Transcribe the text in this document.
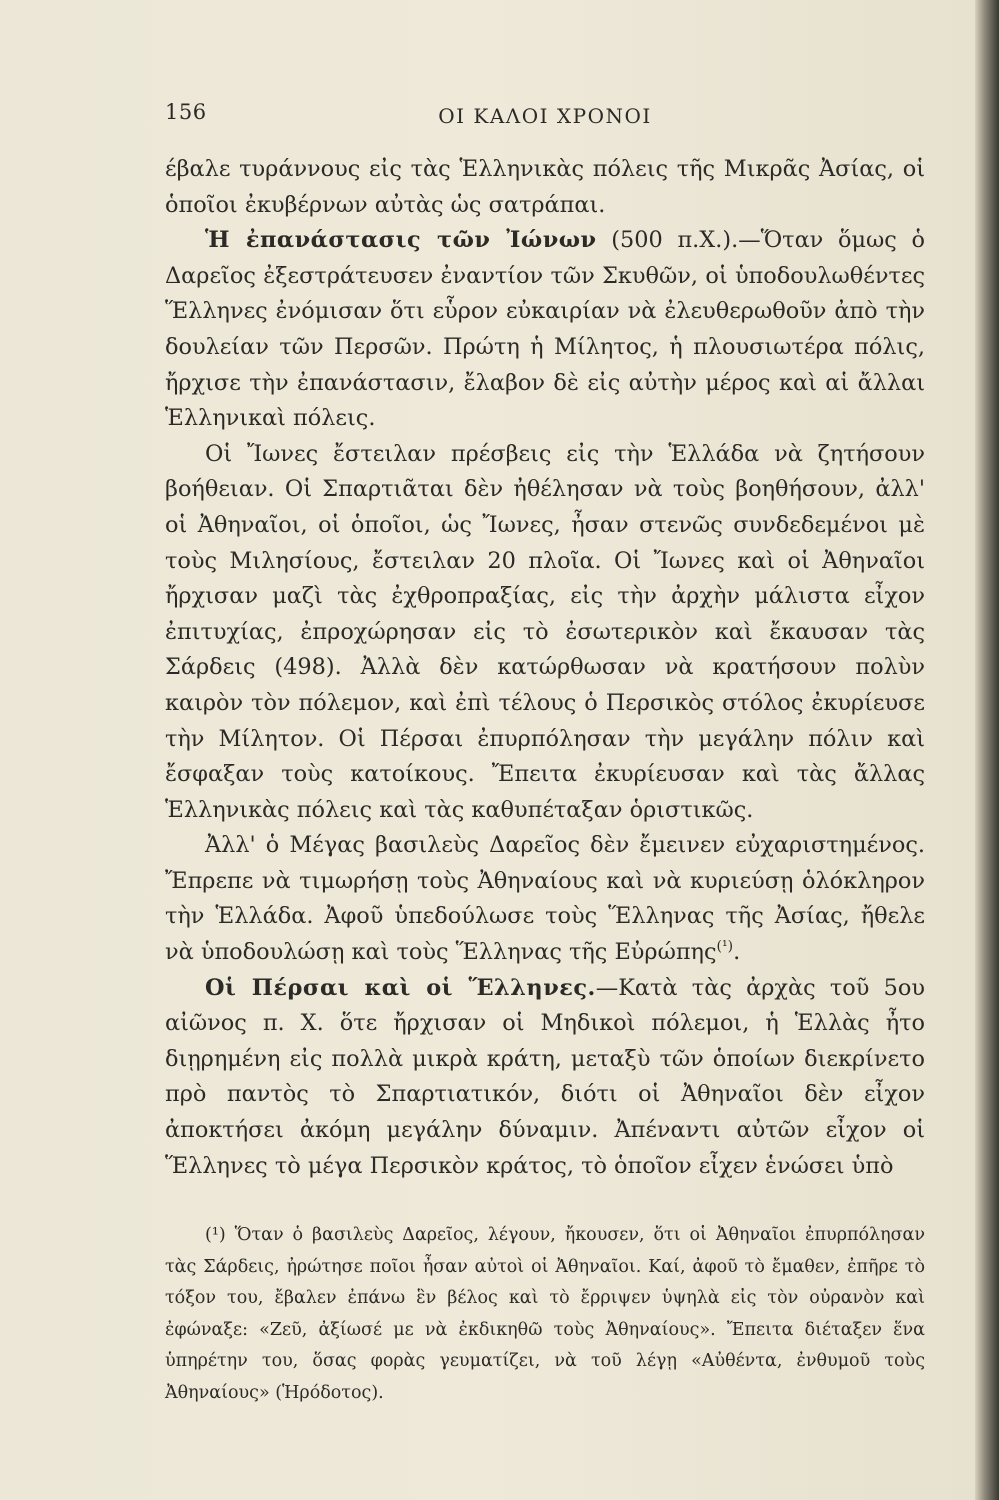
156	ΟΙ ΚΑΛΟΙ ΧΡΟΝΟΙ

έβαλε τυράννους εἰς τὰς Ἑλληνικὰς πόλεις τῆς Μικρᾶς Ἀσίας, οἱ ὁποῖοι ἐκυβέρνων αὐτὰς ὡς σατράπαι.

Ἡ ἐπανάστασις τῶν Ἰώνων (500 π.Χ.).—Ὅταν ὅμως ὁ Δαρεῖος ἐξεστράτευσεν ἐναντίον τῶν Σκυθῶν, οἱ ὑποδουλωθέντες Ἕλληνες ἐνόμισαν ὅτι εὗρον εὐκαιρίαν νὰ ἐλευθερωθοῦν ἀπὸ τὴν δουλείαν τῶν Περσῶν. Πρώτη ἡ Μίλητος, ἡ πλουσιωτέρα πόλις, ἤρχισε τὴν ἐπανάστασιν, ἔλαβον δὲ εἰς αὐτὴν μέρος καὶ αἱ ἄλλαι Ἑλληνικαὶ πόλεις.

Οἱ Ἴωνες ἔστειλαν πρέσβεις εἰς τὴν Ἑλλάδα νὰ ζητήσουν βοήθειαν. Οἱ Σπαρτιᾶται δὲν ἠθέλησαν νὰ τοὺς βοηθήσουν, ἀλλ' οἱ Ἀθηναῖοι, οἱ ὁποῖοι, ὡς Ἴωνες, ἦσαν στενῶς συνδεδεμένοι μὲ τοὺς Μιλησίους, ἔστειλαν 20 πλοῖα. Οἱ Ἴωνες καὶ οἱ Ἀθηναῖοι ἤρχισαν μαζὶ τὰς ἐχθροπραξίας, εἰς τὴν ἀρχὴν μάλιστα εἶχον ἐπιτυχίας, ἐπροχώρησαν εἰς τὸ ἐσωτερικὸν καὶ ἔκαυσαν τὰς Σάρδεις (498). Ἀλλὰ δὲν κατώρθωσαν νὰ κρατήσουν πολὺν καιρὸν τὸν πόλεμον, καὶ ἐπὶ τέλους ὁ Περσικὸς στόλος ἐκυρίευσε τὴν Μίλητον. Οἱ Πέρσαι ἐπυρπόλησαν τὴν μεγάλην πόλιν καὶ ἔσφαξαν τοὺς κατοίκους. Ἔπειτα ἐκυρίευσαν καὶ τὰς ἄλλας Ἑλληνικὰς πόλεις καὶ τὰς καθυπέταξαν ὁριστικῶς.

Ἀλλ' ὁ Μέγας βασιλεὺς Δαρεῖος δὲν ἔμεινεν εὐχαριστημένος. Ἔπρεπε νὰ τιμωρήσῃ τοὺς Ἀθηναίους καὶ νὰ κυριεύσῃ ὁλόκληρον τὴν Ἑλλάδα. Ἀφοῦ ὑπεδούλωσε τοὺς Ἕλληνας τῆς Ἀσίας, ἤθελε νὰ ὑποδουλώσῃ καὶ τοὺς Ἕλληνας τῆς Εὐρώπης$^{(^1)}$.

Οἱ Πέρσαι καὶ οἱ Ἕλληνες.—Κατὰ τὰς ἀρχὰς τοῦ 5ου αἰῶνος π. Χ. ὅτε ἤρχισαν οἱ Μηδικοὶ πόλεμοι, ἡ Ἑλλὰς ἦτο διῃρημένη εἰς πολλὰ μικρὰ κράτη, μεταξὺ τῶν ὁποίων διεκρίνετο πρὸ παντὸς τὸ Σπαρτιατικόν, διότι οἱ Ἀθηναῖοι δὲν εἶχον ἀποκτήσει ἀκόμη μεγάλην δύναμιν. Ἀπέναντι αὐτῶν εἶχον οἱ Ἕλληνες τὸ μέγα Περσικὸν κράτος, τὸ ὁποῖον εἶχεν ἑνώσει ὑπὸ

(¹) Ὅταν ὁ βασιλεὺς Δαρεῖος, λέγουν, ἤκουσεν, ὅτι οἱ Ἀθηναῖοι ἐπυρπόλησαν τὰς Σάρδεις, ἠρώτησε ποῖοι ἦσαν αὐτοὶ οἱ Ἀθηναῖοι. Καί, ἀφοῦ τὸ ἔμαθεν, ἐπῆρε τὸ τόξον του, ἔβαλεν ἐπάνω ἓν βέλος καὶ τὸ ἔρριψεν ὑψηλὰ εἰς τὸν οὐρανὸν καὶ ἐφώναξε: «Ζεῦ, ἀξίωσέ με νὰ ἐκδικηθῶ τοὺς Ἀθηναίους». Ἔπειτα διέταξεν ἕνα ὑπηρέτην του, ὅσας φορὰς γευματίζει, νὰ τοῦ λέγῃ «Αὐθέντα, ἐνθυμοῦ τοὺς Ἀθηναίους» (Ἡρόδοτος).
